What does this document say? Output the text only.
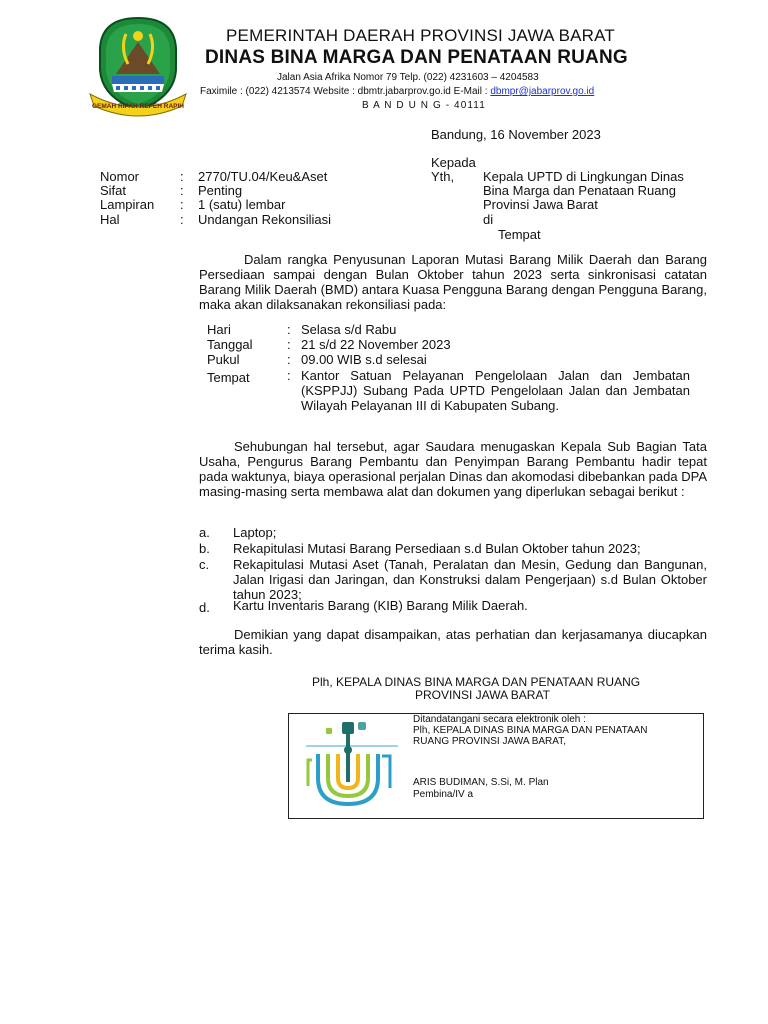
GEMAH RIPAH REPEH RAPIH
PEMERINTAH DAERAH PROVINSI JAWA BARAT
DINAS BINA MARGA DAN PENATAAN RUANG
Jalan Asia Afrika Nomor 79 Telp. (022) 4231603 – 4204583
Faximile : (022) 4213574 Website : dbmtr.jabarprov.go.id E-Mail : dbmpr@jabarprov.go.id
B A N D U N G - 40111
Bandung, 16 November 2023
Kepada
Yth, Kepala UPTD di Lingkungan Dinas
Bina Marga dan Penataan Ruang
Provinsi Jawa Barat
di
Tempat
Nomor	: 2770/TU.04/Keu&Aset
Sifat	: Penting
Lampiran : 1 (satu) lembar
Hal	: Undangan Rekonsiliasi
Dalam rangka Penyusunan Laporan Mutasi Barang Milik Daerah dan Barang Persediaan sampai dengan Bulan Oktober tahun 2023 serta sinkronisasi catatan Barang Milik Daerah (BMD) antara Kuasa Pengguna Barang dengan Pengguna Barang, maka akan dilaksanakan rekonsiliasi pada:
Hari	: Selasa s/d Rabu
Tanggal	: 21 s/d 22 November 2023
Pukul	: 09.00 WIB s.d selesai
Tempat	: Kantor Satuan Pelayanan Pengelolaan Jalan dan Jembatan (KSPPJJ) Subang Pada UPTD Pengelolaan Jalan dan Jembatan Wilayah Pelayanan III di Kabupaten Subang.
Sehubungan hal tersebut, agar Saudara menugaskan Kepala Sub Bagian Tata Usaha, Pengurus Barang Pembantu dan Penyimpan Barang Pembantu hadir tepat pada waktunya, biaya operasional perjalan Dinas dan akomodasi dibebankan pada DPA masing-masing serta membawa alat dan dokumen yang diperlukan sebagai berikut :
a. Laptop;
b. Rekapitulasi Mutasi Barang Persediaan s.d Bulan Oktober tahun 2023;
c. Rekapitulasi Mutasi Aset (Tanah, Peralatan dan Mesin, Gedung dan Bangunan, Jalan Irigasi dan Jaringan, dan Konstruksi dalam Pengerjaan) s.d Bulan Oktober tahun 2023;
d. Kartu Inventaris Barang (KIB) Barang Milik Daerah.
Demikian yang dapat disampaikan, atas perhatian dan kerjasamanya diucapkan terima kasih.
Plh, KEPALA DINAS BINA MARGA DAN PENATAAN RUANG
PROVINSI JAWA BARAT
Ditandatangani secara elektronik oleh :
Plh, KEPALA DINAS BINA MARGA DAN PENATAAN
RUANG PROVINSI JAWA BARAT,
ARIS BUDIMAN, S.Si, M. Plan
Pembina/IV a
